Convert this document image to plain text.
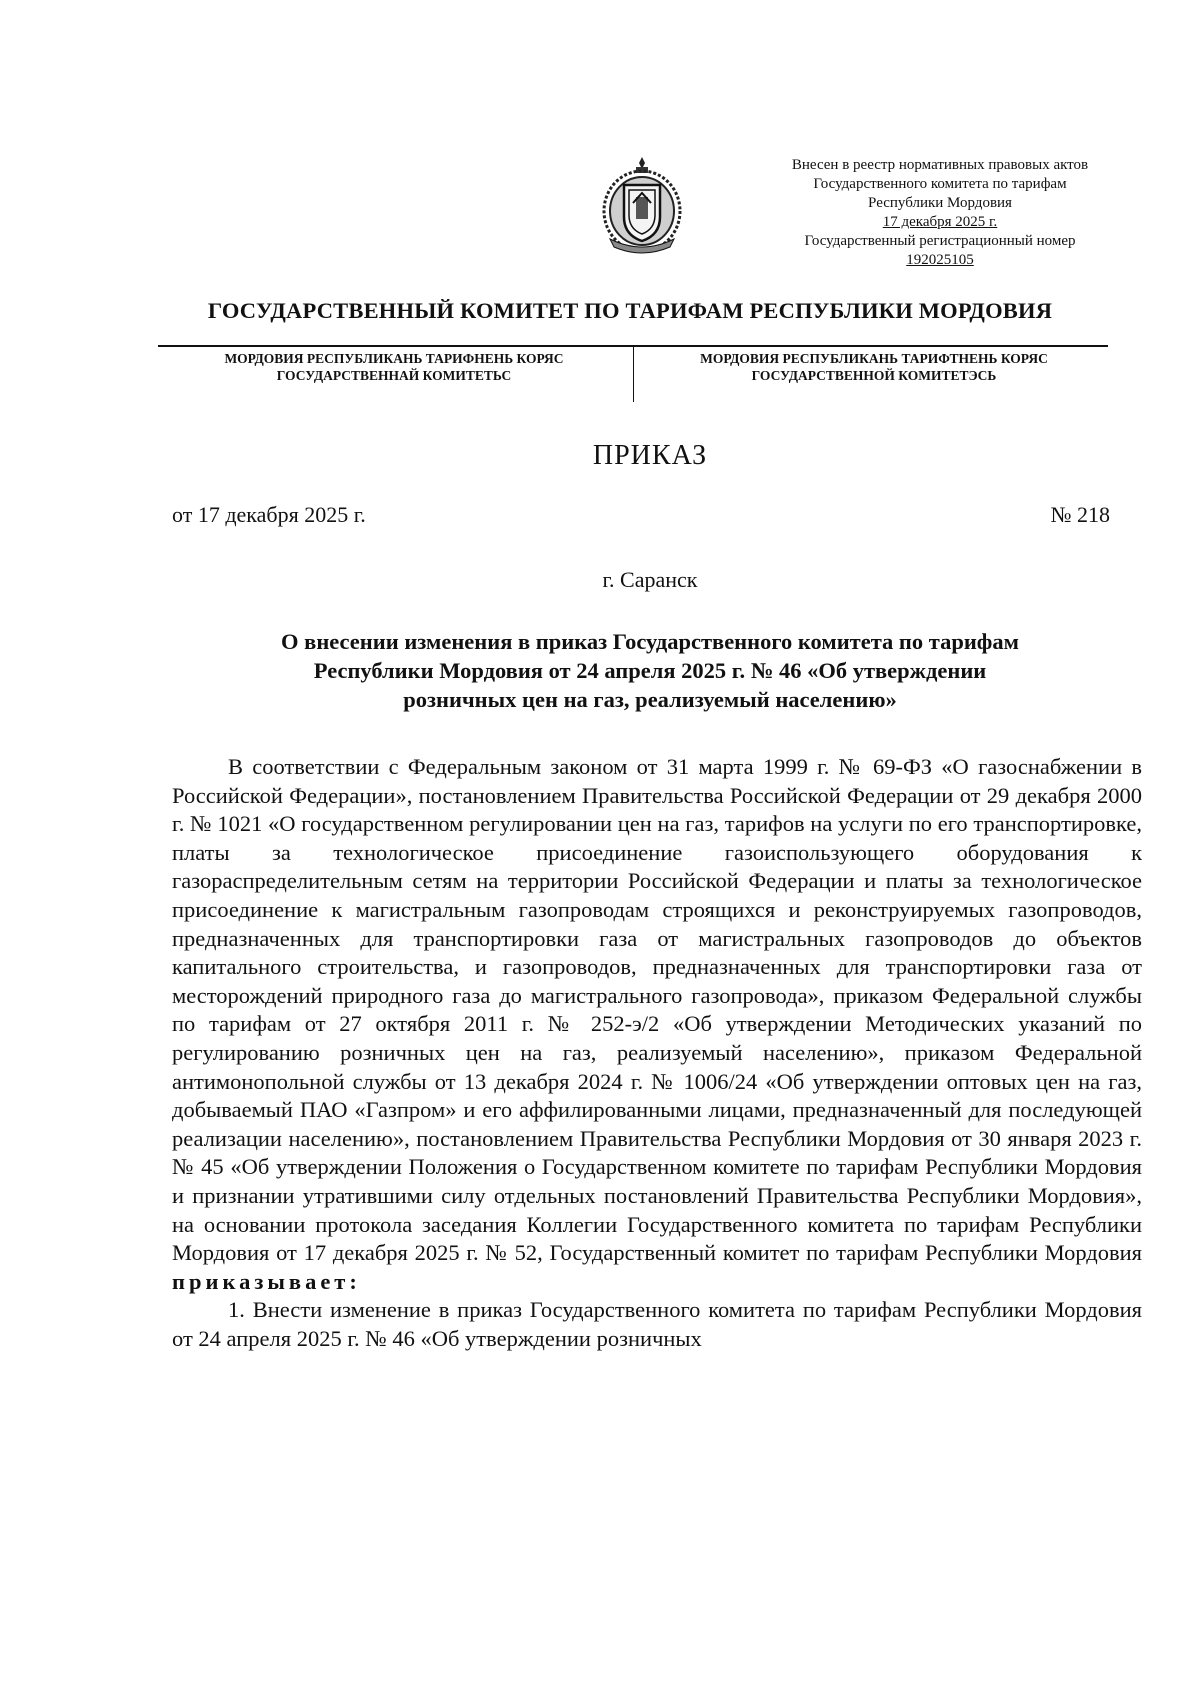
Внесен в реестр нормативных правовых актов
Государственного комитета по тарифам
Республики Мордовия
17 декабря 2025 г.
Государственный регистрационный номер
192025105
ГОСУДАРСТВЕННЫЙ КОМИТЕТ ПО ТАРИФАМ РЕСПУБЛИКИ МОРДОВИЯ
МОРДОВИЯ РЕСПУБЛИКАНЬ ТАРИФНЕНЬ КОРЯС
ГОСУДАРСТВЕННАЙ КОМИТЕТЬС
МОРДОВИЯ РЕСПУБЛИКАНЬ ТАРИФТНЕНЬ КОРЯС
ГОСУДАРСТВЕННОЙ КОМИТЕТЭСЬ
ПРИКАЗ
от 17 декабря 2025 г.	№ 218
г. Саранск
О внесении изменения в приказ Государственного комитета по тарифам
Республики Мордовия от 24 апреля 2025 г. № 46 «Об утверждении
розничных цен на газ, реализуемый населению»

В соответствии с Федеральным законом от 31 марта 1999 г. № 69-ФЗ «О газоснабжении в Российской Федерации», постановлением Правительства Российской Федерации от 29 декабря 2000 г. № 1021 «О государственном регулировании цен на газ, тарифов на услуги по его транспортировке, платы за технологическое присоединение газоиспользующего оборудования к газораспределительным сетям на территории Российской Федерации и платы за технологическое присоединение к магистральным газопроводам строящихся и реконструируемых газопроводов, предназначенных для транспортировки газа от магистральных газопроводов до объектов капитального строительства, и газопроводов, предназначенных для транспортировки газа от месторождений природного газа до магистрального газопровода», приказом Федеральной службы по тарифам от 27 октября 2011 г. № 252-э/2 «Об утверждении Методических указаний по регулированию розничных цен на газ, реализуемый населению», приказом Федеральной антимонопольной службы от 13 декабря 2024 г. № 1006/24 «Об утверждении оптовых цен на газ, добываемый ПАО «Газпром» и его аффилированными лицами, предназначенный для последующей реализации населению», постановлением Правительства Республики Мордовия от 30 января 2023 г. № 45 «Об утверждении Положения о Государственном комитете по тарифам Республики Мордовия и признании утратившими силу отдельных постановлений Правительства Республики Мордовия», на основании протокола заседания Коллегии Государственного комитета по тарифам Республики Мордовия от 17 декабря 2025 г. № 52, Государственный комитет по тарифам Республики Мордовия приказывает:

1. Внести изменение в приказ Государственного комитета по тарифам Республики Мордовия от 24 апреля 2025 г. № 46 «Об утверждении розничных
